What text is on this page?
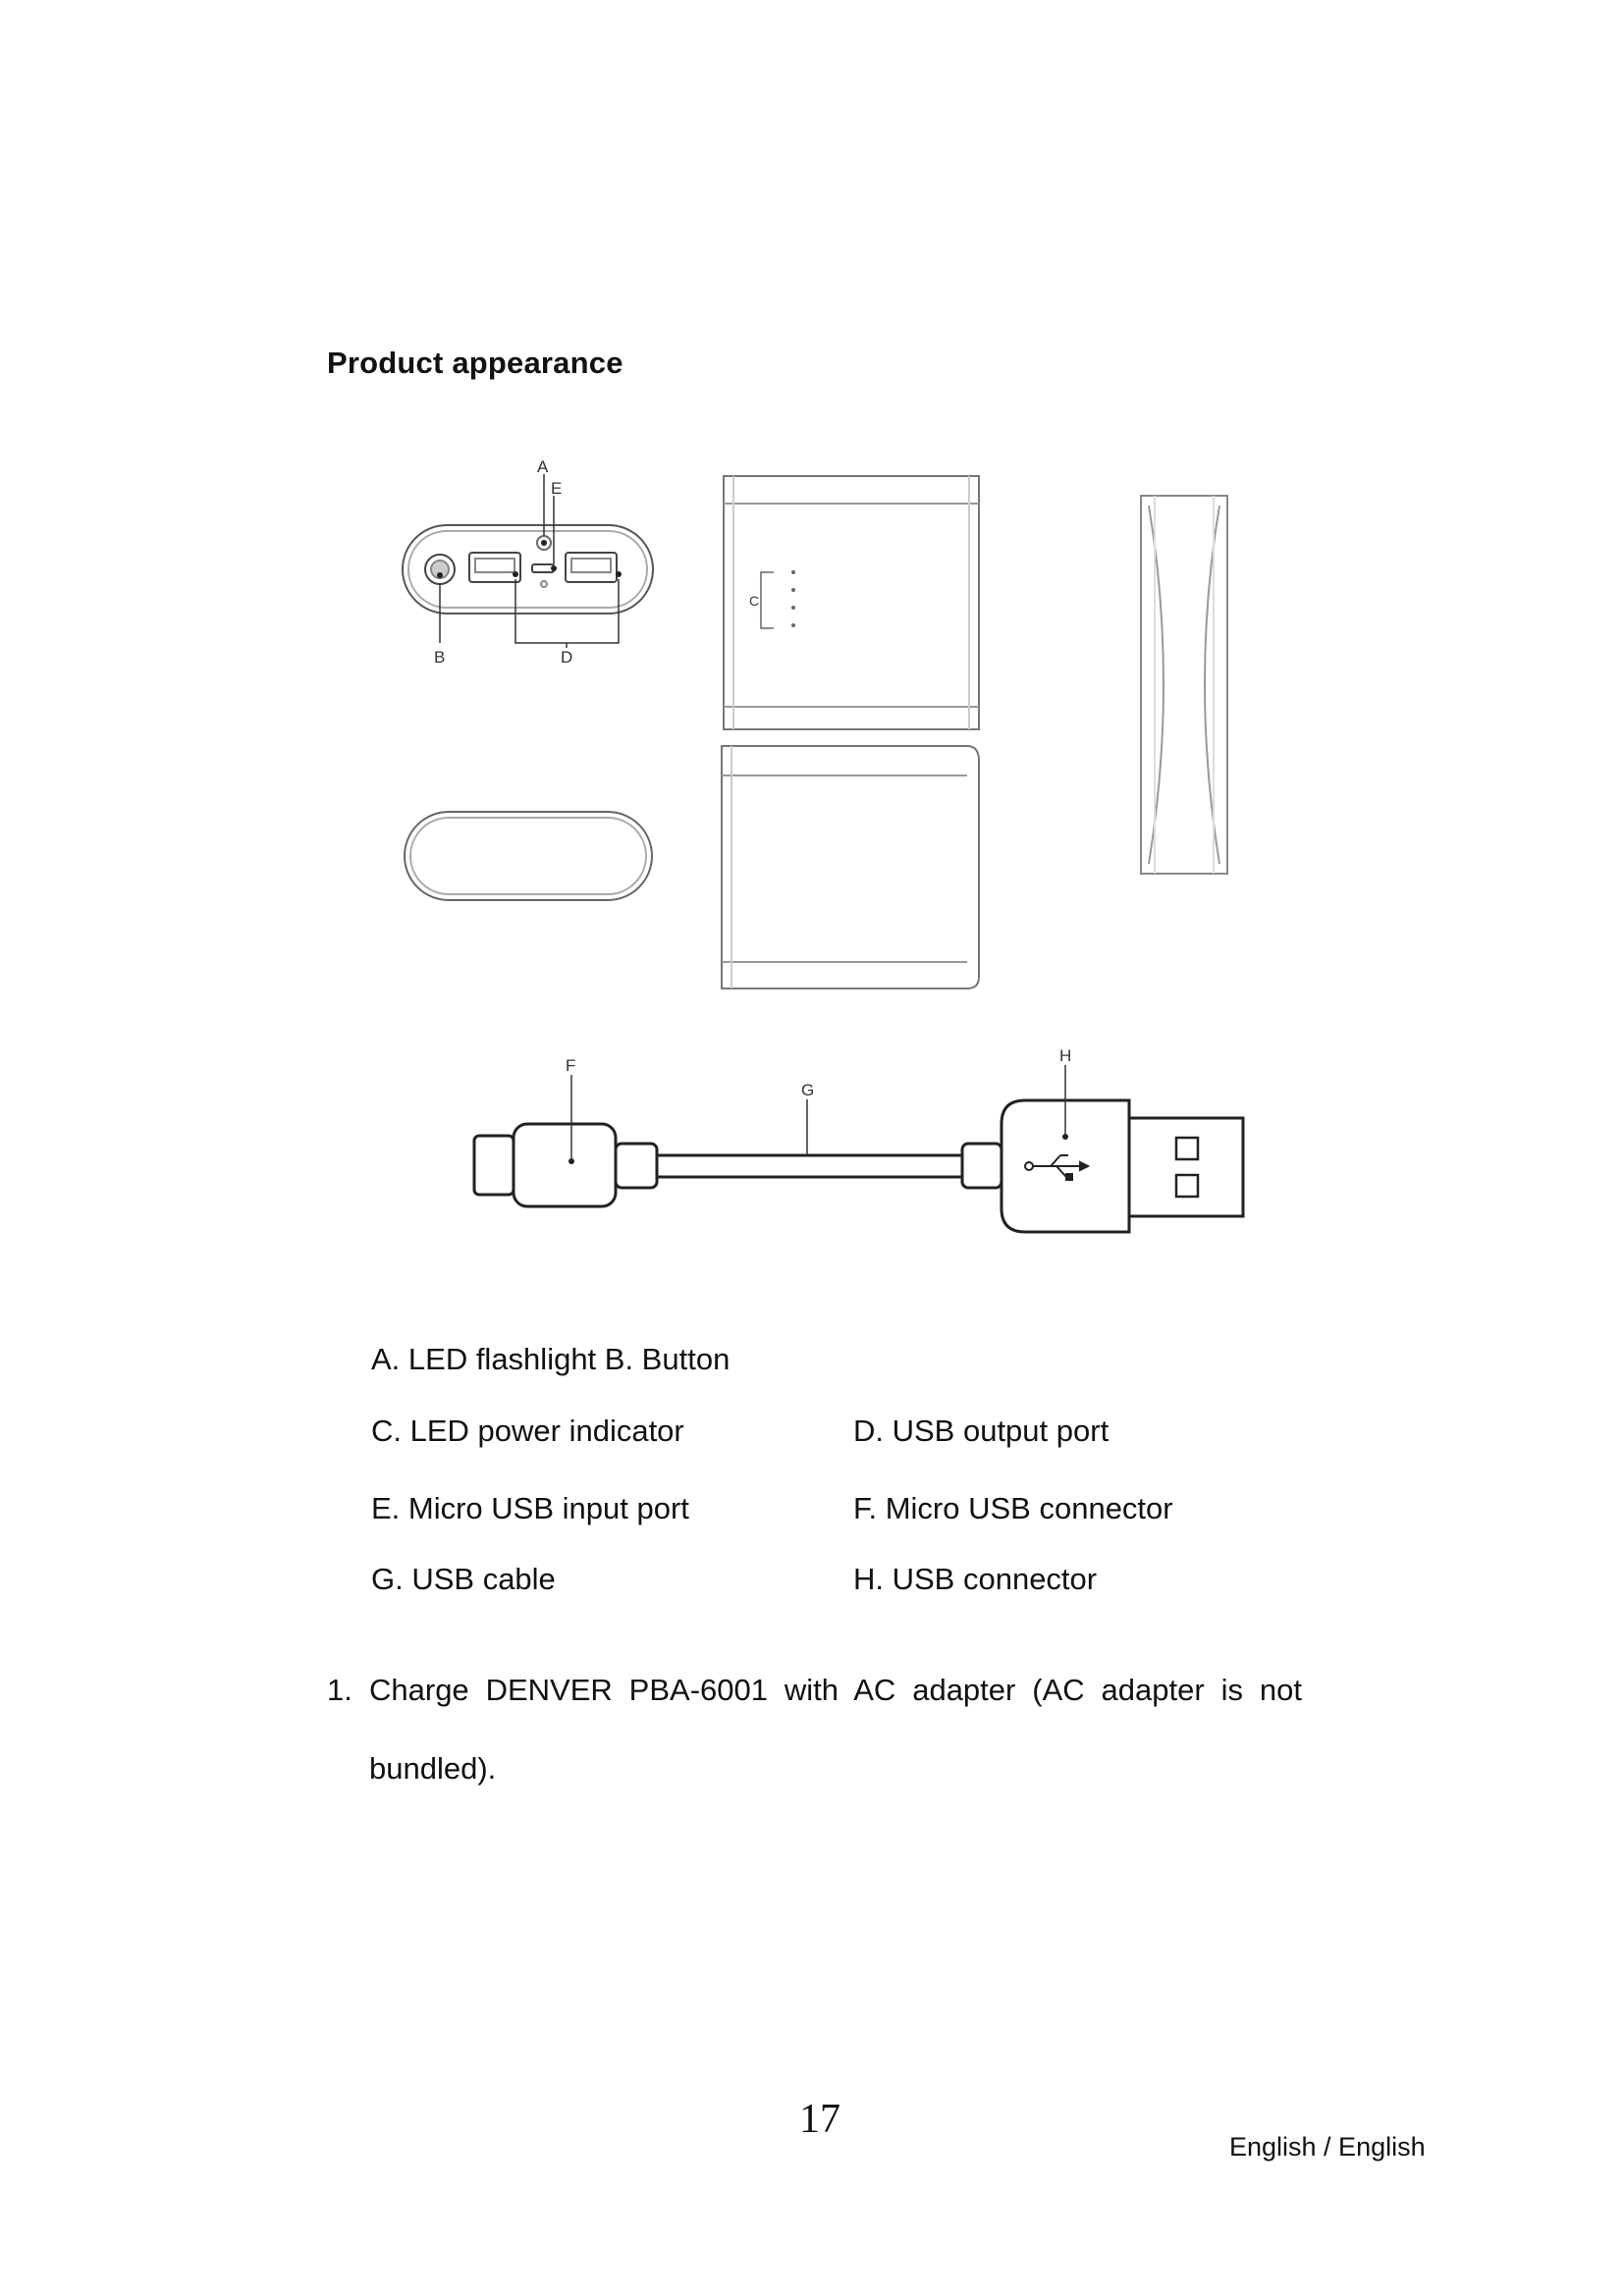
Product appearance
A
E
B	D
C
F
G
H
A. LED flashlight B. Button
C. LED power indicator	D. USB output port
E. Micro USB input port	F. Micro USB connector
G. USB cable	H. USB connector
1. Charge DENVER PBA-6001 with AC adapter (AC adapter is not bundled).
17
English / English
